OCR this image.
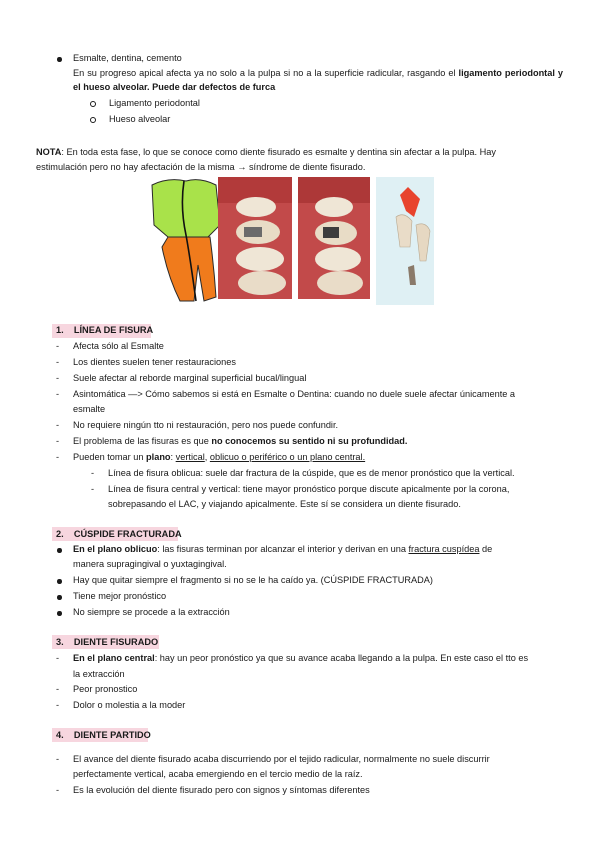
Esmalte, dentina, cemento
En su progreso apical afecta ya no solo a la pulpa si no a la superficie radicular, rasgando el ligamento periodontal y el hueso alveolar. Puede dar defectos de furca
Ligamento periodontal
Hueso alveolar
NOTA: En toda esta fase, lo que se conoce como diente fisurado es esmalte y dentina sin afectar a la pulpa. Hay
estimulación pero no hay afectación de la misma → síndrome de diente fisurado.
1. LÍNEA DE FISURA
- Afecta sólo al Esmalte
- Los dientes suelen tener restauraciones
- Suele afectar al reborde marginal superficial bucal/lingual
- Asintomática —> Cómo sabemos si está en Esmalte o Dentina: cuando no duele suele afectar únicamente a
esmalte
- No requiere ningún tto ni restauración, pero nos puede confundir.
- El problema de las fisuras es que no conocemos su sentido ni su profundidad.
- Pueden tomar un plano: vertical, oblicuo o periférico o un plano central.
- Línea de fisura oblicua: suele dar fractura de la cúspide, que es de menor pronóstico que la vertical.
- Línea de fisura central y vertical: tiene mayor pronóstico porque discute apicalmente por la corona,
sobrepasando el LAC, y viajando apicalmente. Este sí se considera un diente fisurado.
2. CÚSPIDE FRACTURADA
En el plano oblicuo: las fisuras terminan por alcanzar el interior y derivan en una fractura cuspídea de
manera supragingival o yuxtagingival.
Hay que quitar siempre el fragmento si no se le ha caído ya. (CÚSPIDE FRACTURADA)
Tiene mejor pronóstico
No siempre se procede a la extracción
3. DIENTE FISURADO
- En el plano central: hay un peor pronóstico ya que su avance acaba llegando a la pulpa. En este caso el tto es
la extracción
- Peor pronostico
- Dolor o molestia a la moder
4. DIENTE PARTIDO
- El avance del diente fisurado acaba discurriendo por el tejido radicular, normalmente no suele discurrir
perfectamente vertical, acaba emergiendo en el tercio medio de la raíz.
- Es la evolución del diente fisurado pero con signos y síntomas diferentes
